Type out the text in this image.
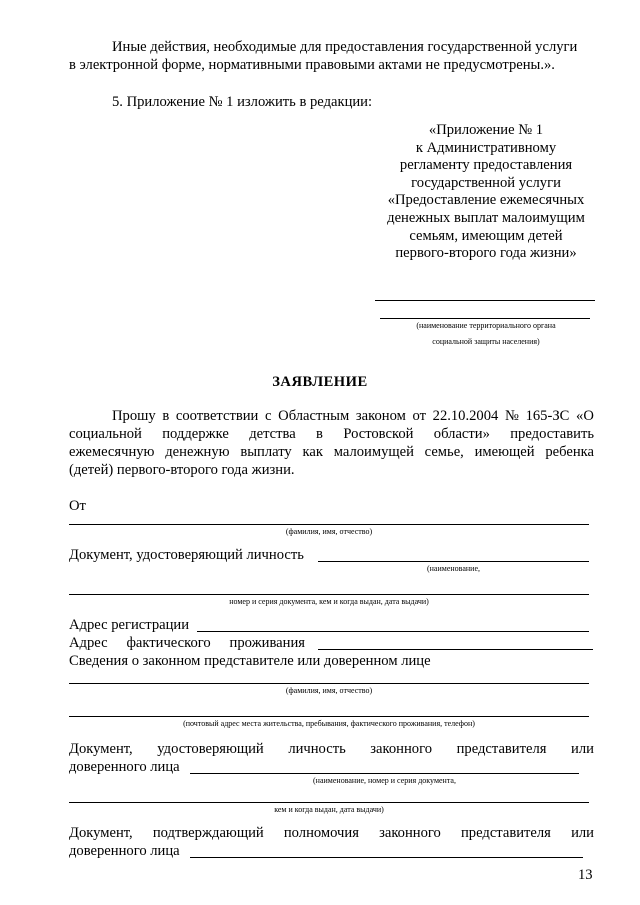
Иные действия, необходимые для предоставления государственной услуги
в электронной форме, нормативными правовыми актами не предусмотрены.».
5. Приложение № 1 изложить в редакции:
«Приложение № 1
к Административному
регламенту предоставления
государственной услуги
«Предоставление ежемесячных
денежных выплат малоимущим
семьям, имеющим детей
первого-второго года жизни»
(наименование территориального органа
социальной защиты населения)
ЗАЯВЛЕНИЕ
Прошу в соответствии с Областным законом от 22.10.2004 № 165-ЗС «О
социальной поддержке детства в Ростовской области» предоставить
ежемесячную денежную выплату как малоимущей семье, имеющей ребенка
(детей) первого-второго года жизни.
От
(фамилия, имя, отчество)
Документ, удостоверяющий личность
(наименование,
номер и серия документа, кем и когда выдан, дата выдачи)
Адрес регистрации
Адрес фактического проживания
Сведения о законном представителе или доверенном лице
(фамилия, имя, отчество)
(почтовый адрес места жительства, пребывания, фактического проживания, телефон)
Документ, удостоверяющий личность законного представителя или
доверенного лица
(наименование, номер и серия документа,
кем и когда выдан, дата выдачи)
Документ, подтверждающий полномочия законного представителя или
доверенного лица
13
